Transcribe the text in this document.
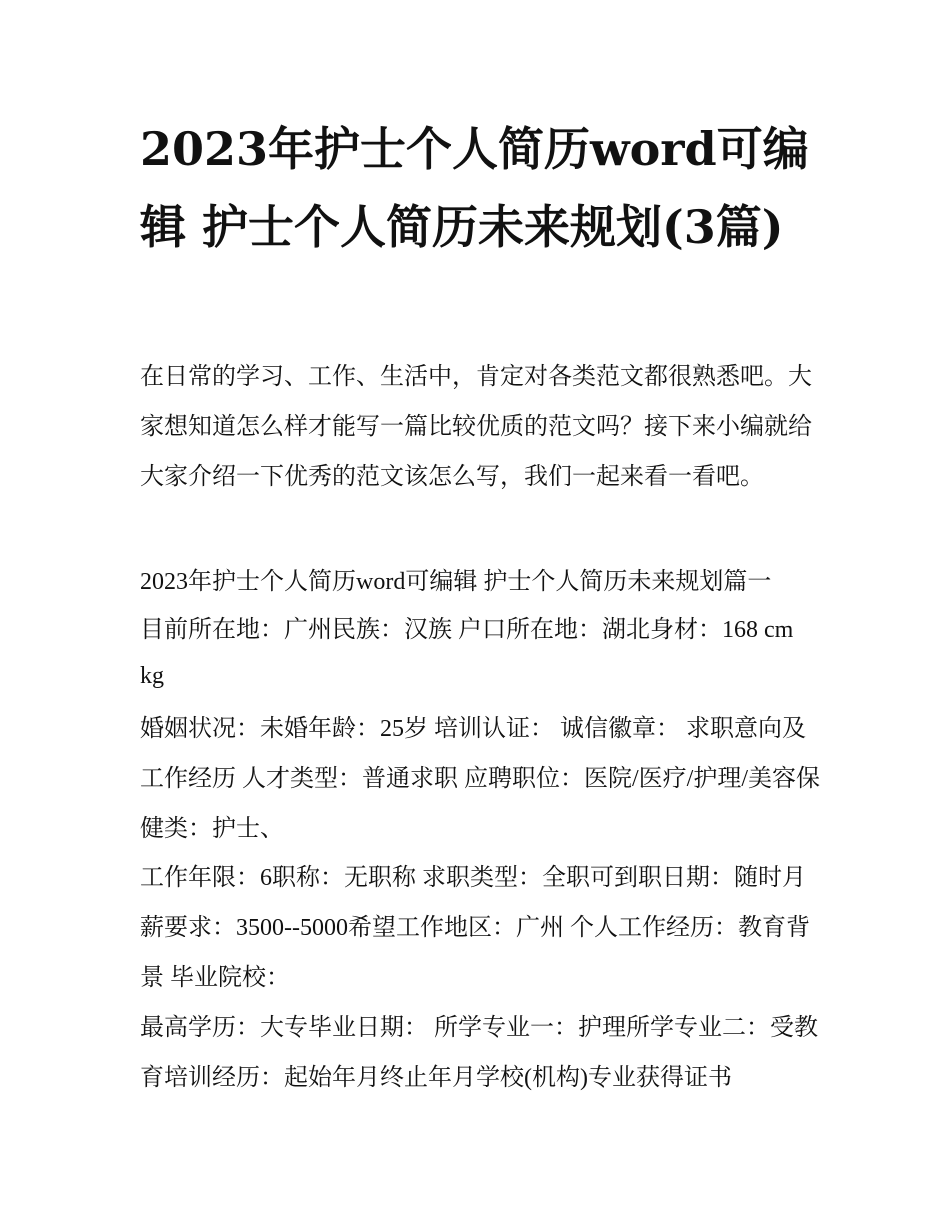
2023年护士个人简历word可编辑 护士个人简历未来规划(3篇)

在日常的学习、工作、生活中，肯定对各类范文都很熟悉吧。大家想知道怎么样才能写一篇比较优质的范文吗？接下来小编就给大家介绍一下优秀的范文该怎么写，我们一起来看一看吧。

2023年护士个人简历word可编辑 护士个人简历未来规划篇一

目前所在地：广州民族：汉族 户口所在地：湖北身材：168 cm kg

婚姻状况：未婚年龄：25岁 培训认证： 诚信徽章： 求职意向及工作经历 人才类型：普通求职 应聘职位：医院/医疗/护理/美容保健类：护士、

工作年限：6职称：无职称 求职类型：全职可到职日期：随时月薪要求：3500--5000希望工作地区：广州 个人工作经历：教育背景 毕业院校：

最高学历：大专毕业日期： 所学专业一：护理所学专业二：受教育培训经历：起始年月终止年月学校(机构)专业获得证书
